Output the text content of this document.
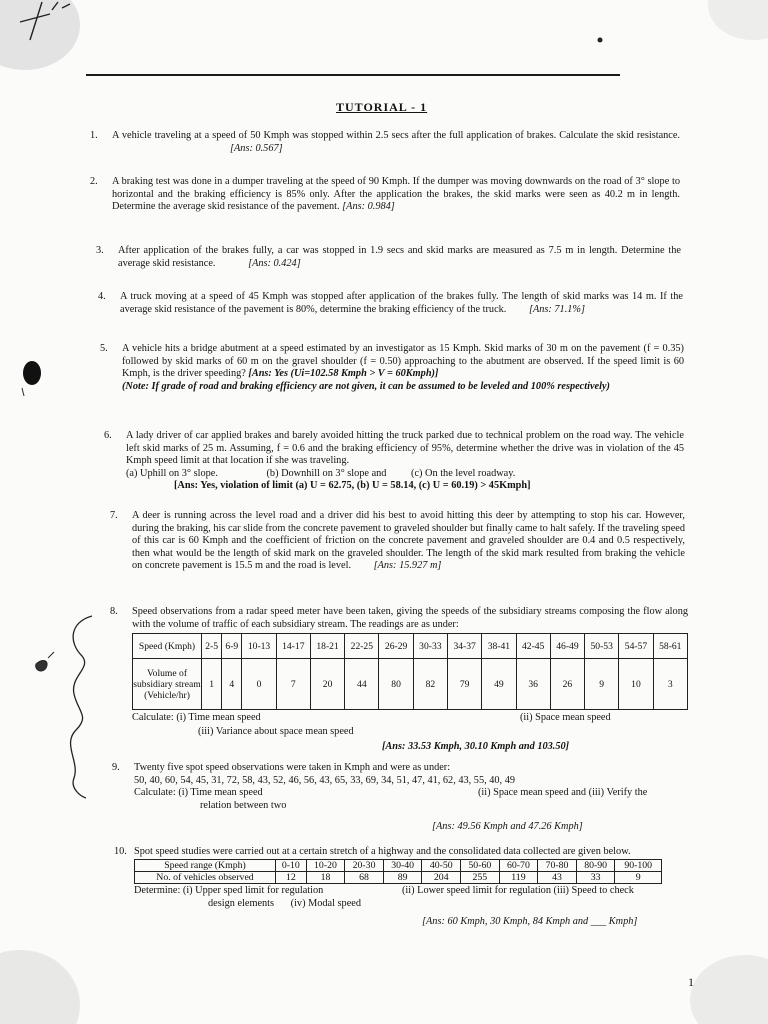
TUTORIAL - 1
1. A vehicle traveling at a speed of 50 Kmph was stopped within 2.5 secs after the full application of brakes. Calculate the skid resistance. [Ans: 0.567]

2. A braking test was done in a dumper traveling at the speed of 90 Kmph. If the dumper was moving downwards on the road of 3° slope to horizontal and the braking efficiency is 85% only. After the application the brakes, the skid marks were seen as 40.2 m in length. Determine the average skid resistance of the pavement. [Ans: 0.984]

3. After application of the brakes fully, a car was stopped in 1.9 secs and skid marks are measured as 7.5 m in length. Determine the average skid resistance.	[Ans: 0.424]

4. A truck moving at a speed of 45 Kmph was stopped after application of the brakes fully. The length of skid marks was 14 m. If the average skid resistance of the pavement is 80%, determine the braking efficiency of the truck. [Ans: 71.1%]

5. A vehicle hits a bridge abutment at a speed estimated by an investigator as 15 Kmph. Skid marks of 30 m on the pavement (f = 0.35) followed by skid marks of 60 m on the gravel shoulder (f = 0.50) approaching to the abutment are observed. If the speed limit is 60 Kmph, is the driver speeding? [Ans: Yes (Ui=102.58 Kmph > V = 60Kmph)]

(Note: If grade of road and braking efficiency are not given, it can be assumed to be leveled and 100% respectively)

6. A lady driver of car applied brakes and barely avoided hitting the truck parked due to technical problem on the road way. The vehicle left skid marks of 25 m. Assuming, f = 0.6 and the braking efficiency of 95%, determine whether the drive was in violation of the 45 Kmph speed limit at that location if she was traveling.

(a) Uphill on 3° slope.	(b) Downhill on 3° slope and (c) On the level roadway.

[Ans: Yes, violation of limit (a) U = 62.75, (b) U = 58.14, (c) U = 60.19) > 45Kmph]

7. A deer is running across the level road and a driver did his best to avoid hitting this deer by attempting to stop his car. However, during the braking, his car slide from the concrete pavement to graveled shoulder but finally came to halt safely. If the traveling speed of this car is 60 Kmph and the coefficient of friction on the concrete pavement and graveled shoulder are 0.4 and 0.5 respectively, then what would be the length of skid mark on the graveled shoulder. The length of the skid mark resulted from braking the vehicle on concrete pavement is 15.5 m and the road is level. [Ans: 15.927 m]

8. Speed observations from a radar speed meter have been taken, giving the speeds of the subsidiary streams composing the flow along with the volume of traffic of each subsidiary stream. The readings are as under:

Speed (Kmph)	2-5	6-9	10-13	14-17	18-21	22-25	26-29	30-33	34-37	38-41	42-45	46-49	50-53	54-57	58-61
Volume of subsidiary stream (Vehicle/hr)	1	4	0	7	20	44	80	82	79	49	36	26	9	10	3
Calculate: (i) Time mean speed	(ii) Space mean speed

(iii) Variance about space mean speed

[Ans: 33.53 Kmph, 30.10 Kmph and 103.50]

9. Twenty five spot speed observations were taken in Kmph and were as under:

50, 40, 60, 54, 45, 31, 72, 58, 43, 52, 46, 56, 43, 65, 33, 69, 34, 51, 47, 41, 62, 43, 55, 40, 49

Calculate: (i) Time mean speed	(ii) Space mean speed and (iii) Verify the

relation between two

[Ans: 49.56 Kmph and 47.26 Kmph]

10. Spot speed studies were carried out at a certain stretch of a highway and the consolidated data collected are given below.

Speed range (Kmph)	0-10	10-20	20-30	30-40	40-50	50-60	60-70	70-80	80-90	90-100
No. of vehicles observed	12	18	68	89	204	255	119	43	33	9
Determine: (i) Upper sped limit for regulation	(ii) Lower speed limit for regulation (iii) Speed to check

design elements (iv) Modal speed

[Ans: 60 Kmph, 30 Kmph, 84 Kmph and ___ Kmph]

1
